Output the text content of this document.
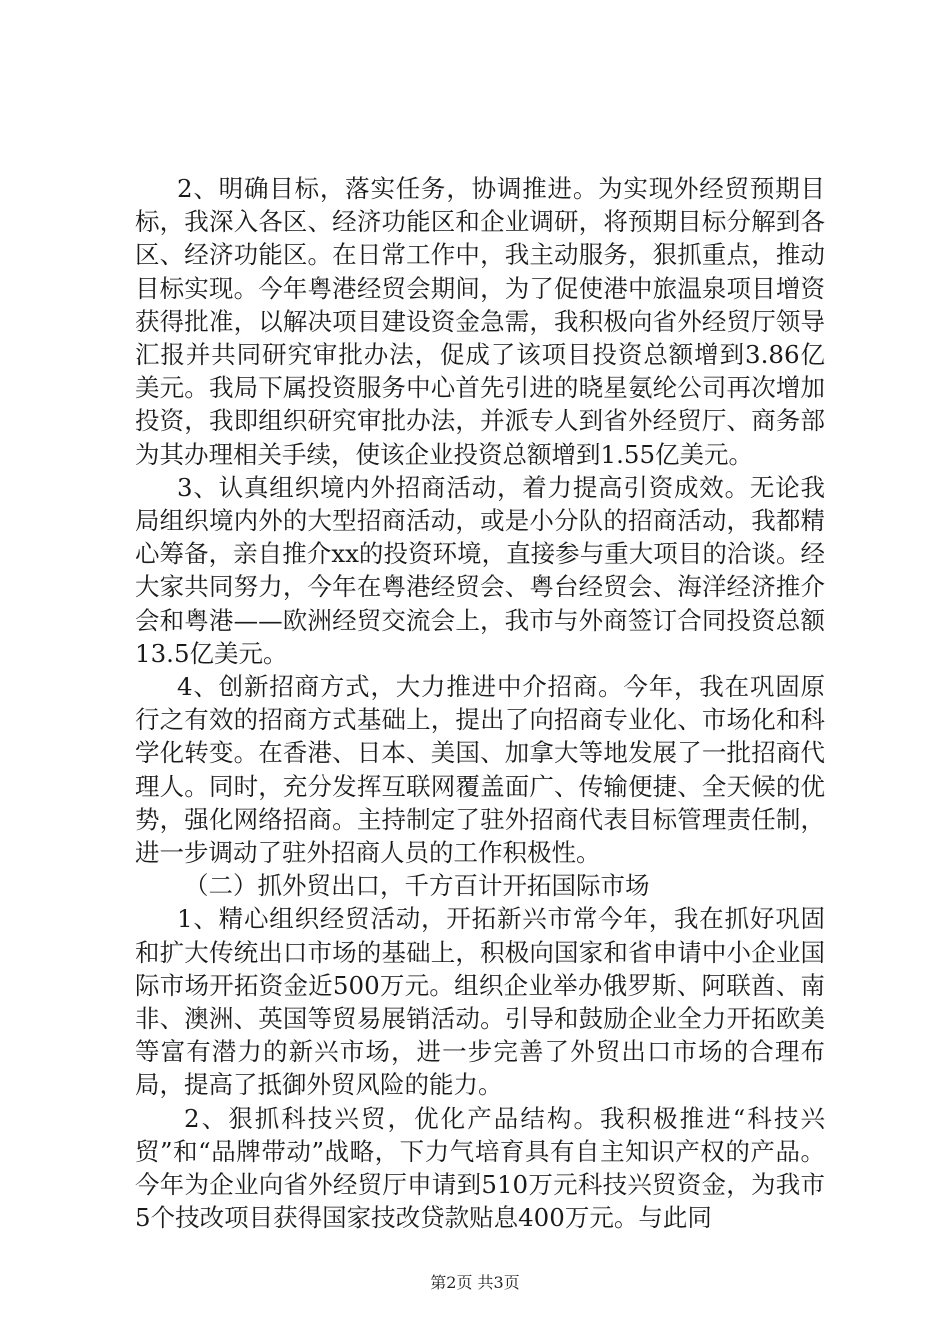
2、明确目标，落实任务，协调推进。为实现外经贸预期目标，我深入各区、经济功能区和企业调研，将预期目标分解到各区、经济功能区。在日常工作中，我主动服务，狠抓重点，推动目标实现。今年粤港经贸会期间，为了促使港中旅温泉项目增资获得批准，以解决项目建设资金急需，我积极向省外经贸厅领导汇报并共同研究审批办法，促成了该项目投资总额增到3.86亿美元。我局下属投资服务中心首先引进的晓星氨纶公司再次增加投资，我即组织研究审批办法，并派专人到省外经贸厅、商务部为其办理相关手续，使该企业投资总额增到1.55亿美元。

3、认真组织境内外招商活动，着力提高引资成效。无论我局组织境内外的大型招商活动，或是小分队的招商活动，我都精心筹备，亲自推介xx的投资环境，直接参与重大项目的洽谈。经大家共同努力，今年在粤港经贸会、粤台经贸会、海洋经济推介会和粤港——欧洲经贸交流会上，我市与外商签订合同投资总额13.5亿美元。

4、创新招商方式，大力推进中介招商。今年，我在巩固原行之有效的招商方式基础上，提出了向招商专业化、市场化和科学化转变。在香港、日本、美国、加拿大等地发展了一批招商代理人。同时，充分发挥互联网覆盖面广、传输便捷、全天候的优势，强化网络招商。主持制定了驻外招商代表目标管理责任制，进一步调动了驻外招商人员的工作积极性。

（二）抓外贸出口，千方百计开拓国际市场

1、精心组织经贸活动，开拓新兴市常今年，我在抓好巩固和扩大传统出口市场的基础上，积极向国家和省申请中小企业国际市场开拓资金近500万元。组织企业举办俄罗斯、阿联酋、南非、澳洲、英国等贸易展销活动。引导和鼓励企业全力开拓欧美等富有潜力的新兴市场，进一步完善了外贸出口市场的合理布局，提高了抵御外贸风险的能力。

2、狠抓科技兴贸，优化产品结构。我积极推进“科技兴贸”和“品牌带动”战略，下力气培育具有自主知识产权的产品。今年为企业向省外经贸厅申请到510万元科技兴贸资金，为我市5个技改项目获得国家技改贷款贴息400万元。与此同

第2页 共3页
